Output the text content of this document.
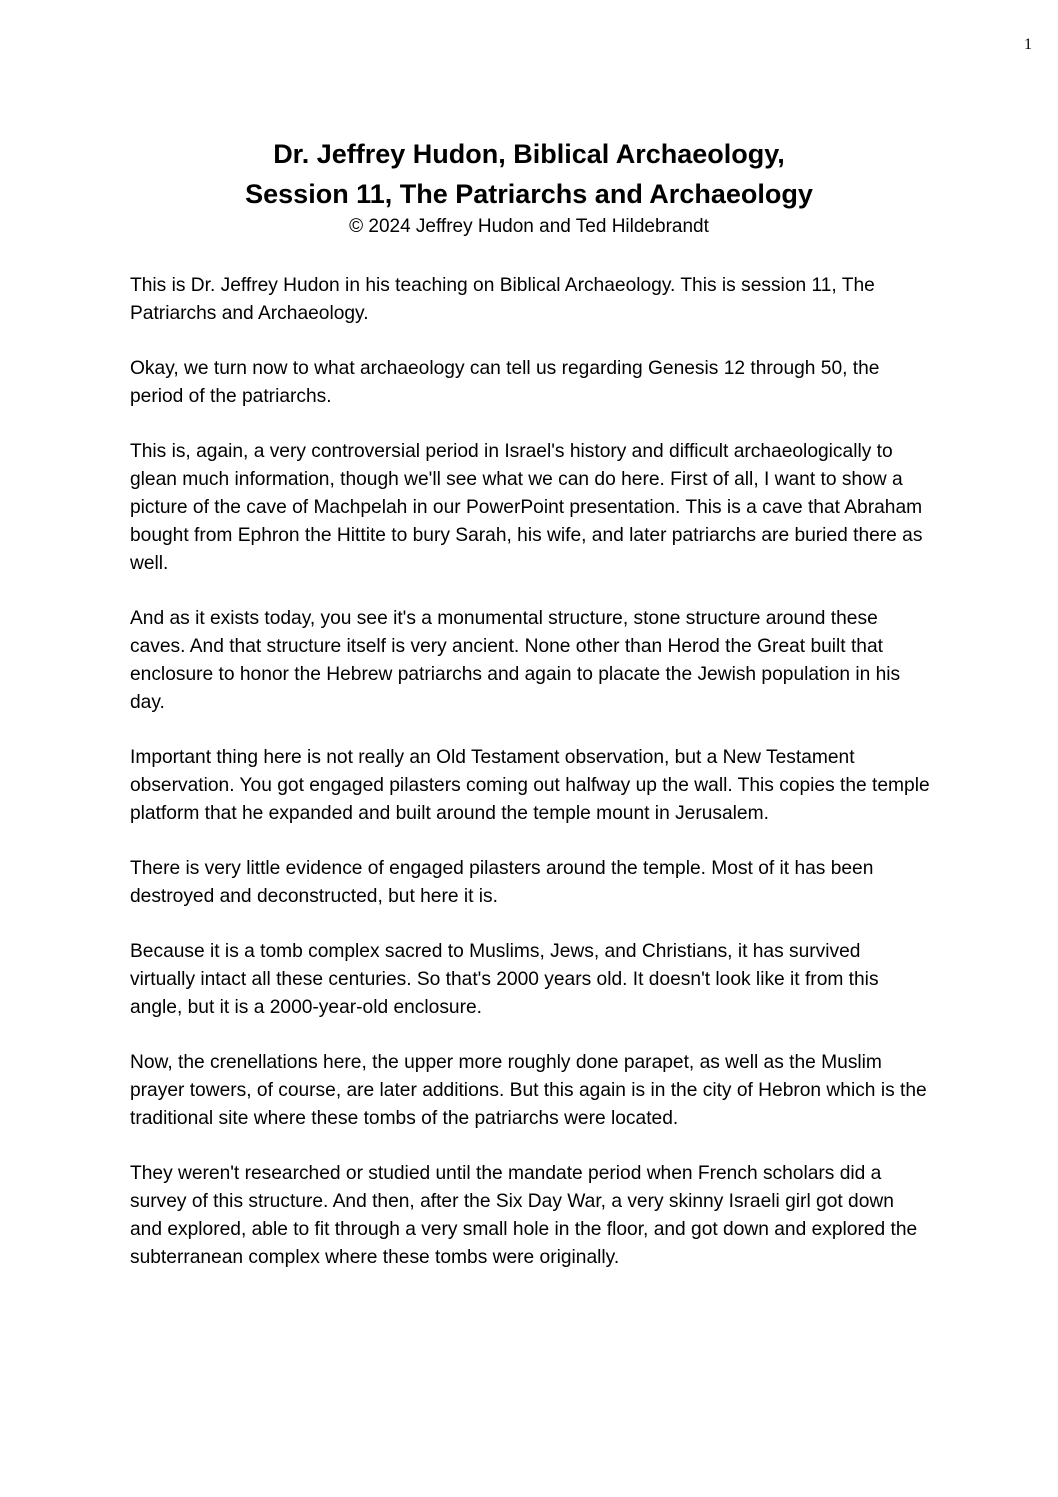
1
Dr. Jeffrey Hudon, Biblical Archaeology,
Session 11, The Patriarchs and Archaeology
© 2024 Jeffrey Hudon and Ted Hildebrandt

This is Dr. Jeffrey Hudon in his teaching on Biblical Archaeology. This is session 11, The Patriarchs and Archaeology.

Okay, we turn now to what archaeology can tell us regarding Genesis 12 through 50, the period of the patriarchs.

This is, again, a very controversial period in Israel's history and difficult archaeologically to glean much information, though we'll see what we can do here. First of all, I want to show a picture of the cave of Machpelah in our PowerPoint presentation. This is a cave that Abraham bought from Ephron the Hittite to bury Sarah, his wife, and later patriarchs are buried there as well.

And as it exists today, you see it's a monumental structure, stone structure around these caves. And that structure itself is very ancient. None other than Herod the Great built that enclosure to honor the Hebrew patriarchs and again to placate the Jewish population in his day.

Important thing here is not really an Old Testament observation, but a New Testament observation. You got engaged pilasters coming out halfway up the wall. This copies the temple platform that he expanded and built around the temple mount in Jerusalem.

There is very little evidence of engaged pilasters around the temple. Most of it has been destroyed and deconstructed, but here it is.

Because it is a tomb complex sacred to Muslims, Jews, and Christians, it has survived virtually intact all these centuries. So that's 2000 years old. It doesn't look like it from this angle, but it is a 2000-year-old enclosure.

Now, the crenellations here, the upper more roughly done parapet, as well as the Muslim prayer towers, of course, are later additions. But this again is in the city of Hebron which is the traditional site where these tombs of the patriarchs were located.

They weren't researched or studied until the mandate period when French scholars did a survey of this structure. And then, after the Six Day War, a very skinny Israeli girl got down and explored, able to fit through a very small hole in the floor, and got down and explored the subterranean complex where these tombs were originally.
